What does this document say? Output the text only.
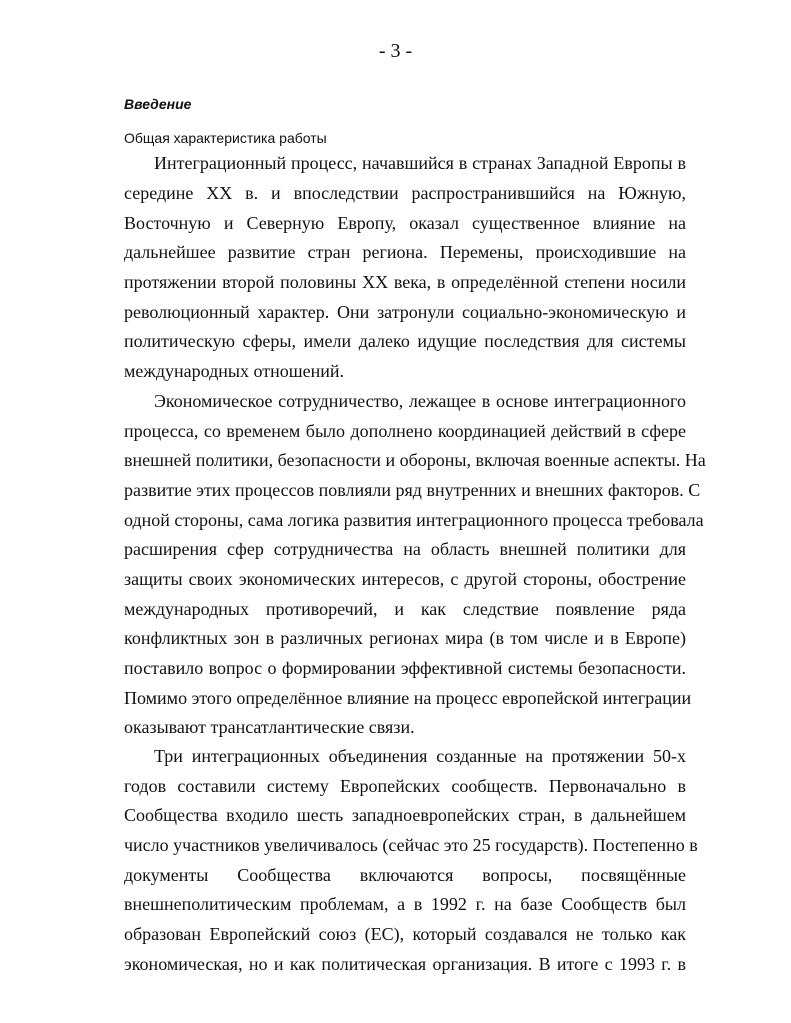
- 3 -
Введение
Общая характеристика работы
Интеграционный процесс, начавшийся в странах Западной Европы в
середине XX в. и впоследствии распространившийся на Южную,
Восточную и Северную Европу, оказал существенное влияние на
дальнейшее развитие стран региона. Перемены, происходившие на
протяжении второй половины XX века, в определённой степени носили
революционный характер. Они затронули социально-экономическую и
политическую сферы, имели далеко идущие последствия для системы
международных отношений.
Экономическое сотрудничество, лежащее в основе интеграционного
процесса, со временем было дополнено координацией действий в сфере
внешней политики, безопасности и обороны, включая военные аспекты. На
развитие этих процессов повлияли ряд внутренних и внешних факторов. С
одной стороны, сама логика развития интеграционного процесса требовала
расширения сфер сотрудничества на область внешней политики для
защиты своих экономических интересов, с другой стороны, обострение
международных противоречий, и как следствие появление ряда
конфликтных зон в различных регионах мира (в том числе и в Европе)
поставило вопрос о формировании эффективной системы безопасности.
Помимо этого определённое влияние на процесс европейской интеграции
оказывают трансатлантические связи.
Три интеграционных объединения созданные на протяжении 50-х
годов составили систему Европейских сообществ. Первоначально в
Сообщества входило шесть западноевропейских стран, в дальнейшем
число участников увеличивалось (сейчас это 25 государств). Постепенно в
документы Сообщества включаются вопросы, посвящённые
внешнеполитическим проблемам, а в 1992 г. на базе Сообществ был
образован Европейский союз (ЕС), который создавался не только как
экономическая, но и как политическая организация. В итоге с 1993 г. в
